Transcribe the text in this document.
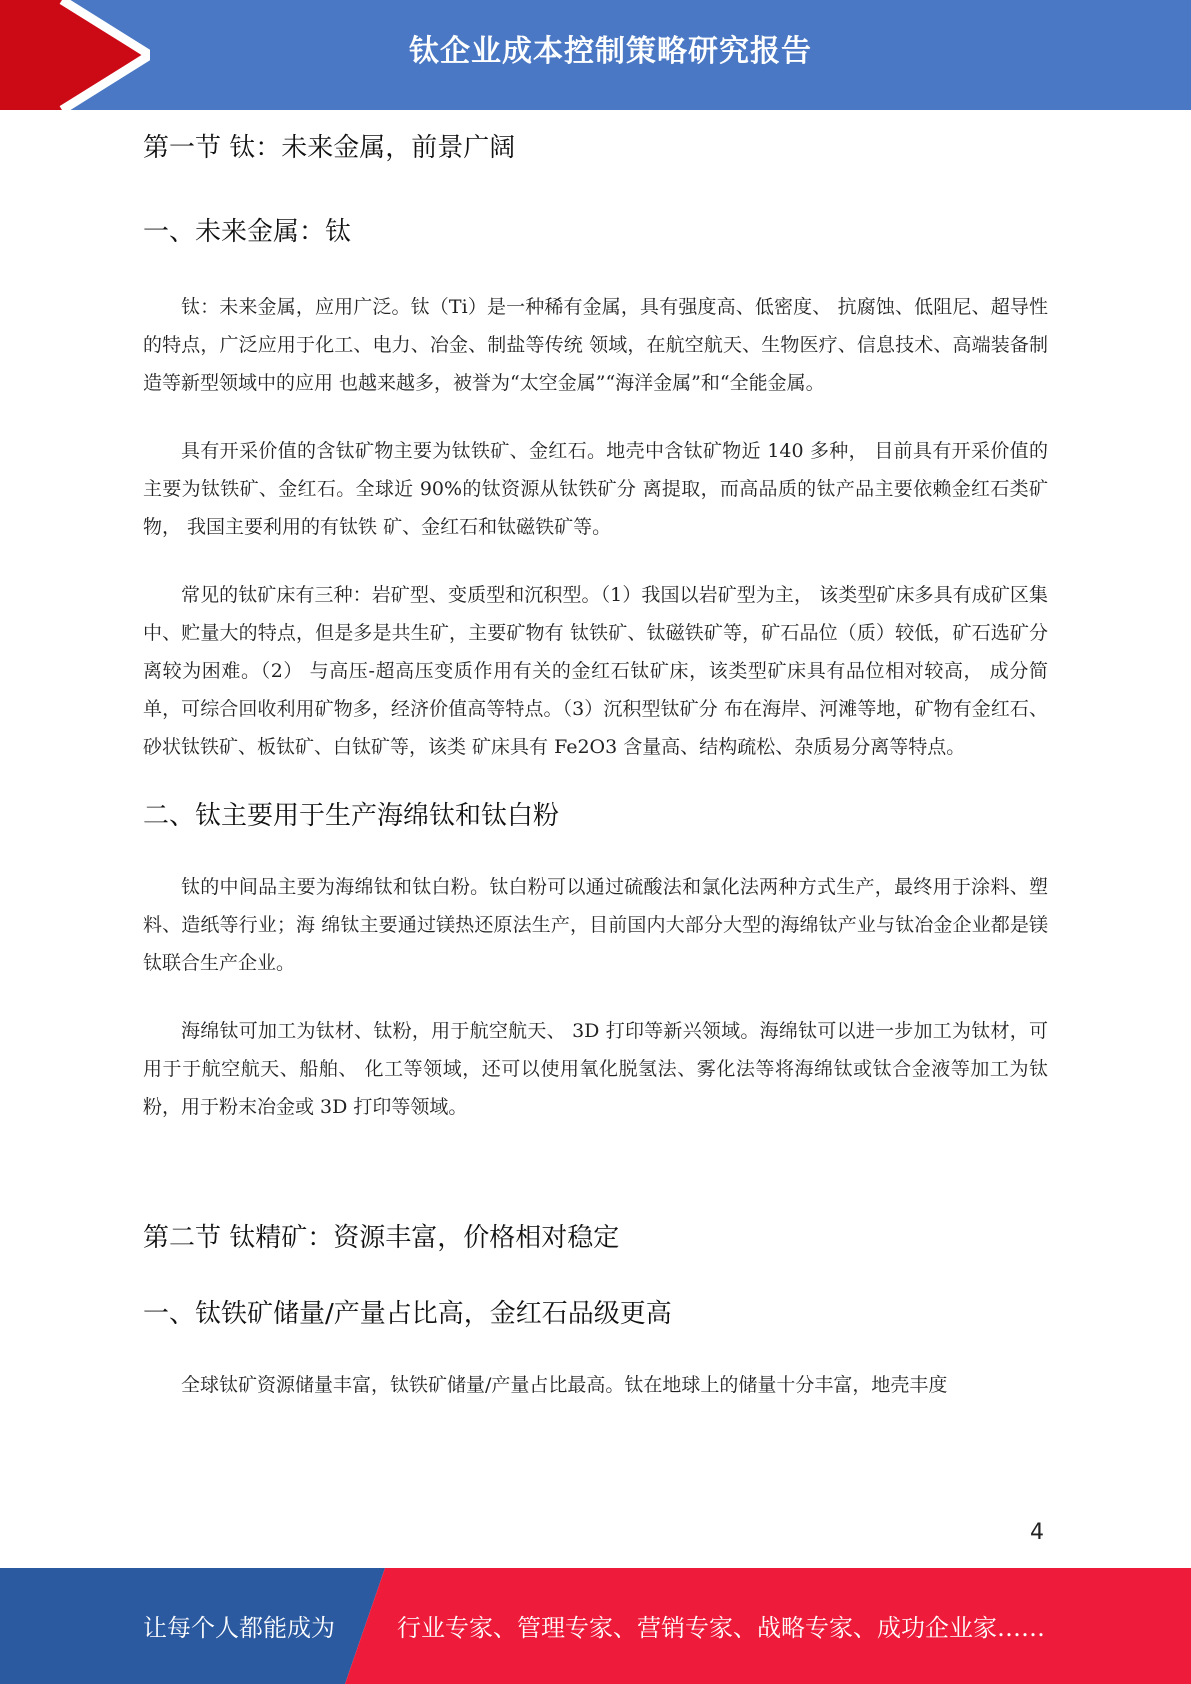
钛企业成本控制策略研究报告
第一节 钛：未来金属，前景广阔
一、未来金属：钛

钛：未来金属，应用广泛。钛（Ti）是一种稀有金属，具有强度高、低密度、 抗腐蚀、低阻尼、超导性的特点，广泛应用于化工、电力、冶金、制盐等传统 领域，在航空航天、生物医疗、信息技术、高端装备制造等新型领域中的应用 也越来越多，被誉为“太空金属”“海洋金属”和“全能金属。

具有开采价值的含钛矿物主要为钛铁矿、金红石。地壳中含钛矿物近 140 多种， 目前具有开采价值的主要为钛铁矿、金红石。全球近 90%的钛资源从钛铁矿分 离提取，而高品质的钛产品主要依赖金红石类矿物， 我国主要利用的有钛铁 矿、金红石和钛磁铁矿等。

常见的钛矿床有三种：岩矿型、变质型和沉积型。（1）我国以岩矿型为主， 该类型矿床多具有成矿区集中、贮量大的特点，但是多是共生矿，主要矿物有 钛铁矿、钛磁铁矿等，矿石品位（质）较低，矿石选矿分离较为困难。（2） 与高压-超高压变质作用有关的金红石钛矿床，该类型矿床具有品位相对较高， 成分简单，可综合回收利用矿物多，经济价值高等特点。（3）沉积型钛矿分 布在海岸、河滩等地，矿物有金红石、砂状钛铁矿、板钛矿、白钛矿等，该类 矿床具有 Fe2O3 含量高、结构疏松、杂质易分离等特点。

二、钛主要用于生产海绵钛和钛白粉

钛的中间品主要为海绵钛和钛白粉。钛白粉可以通过硫酸法和氯化法两种方式生产，最终用于涂料、塑料、造纸等行业；海 绵钛主要通过镁热还原法生产，目前国内大部分大型的海绵钛产业与钛冶金企业都是镁钛联合生产企业。

海绵钛可加工为钛材、钛粉，用于航空航天、 3D 打印等新兴领域。海绵钛可以进一步加工为钛材，可用于于航空航天、船舶、 化工等领域，还可以使用氧化脱氢法、雾化法等将海绵钛或钛合金液等加工为钛粉，用于粉末冶金或 3D 打印等领域。

第二节 钛精矿：资源丰富，价格相对稳定
一、钛铁矿储量/产量占比高，金红石品级更高

全球钛矿资源储量丰富，钛铁矿储量/产量占比最高。钛在地球上的储量十分丰富，地壳丰度

4
让每个人都能成为	行业专家、管理专家、营销专家、战略专家、成功企业家……
